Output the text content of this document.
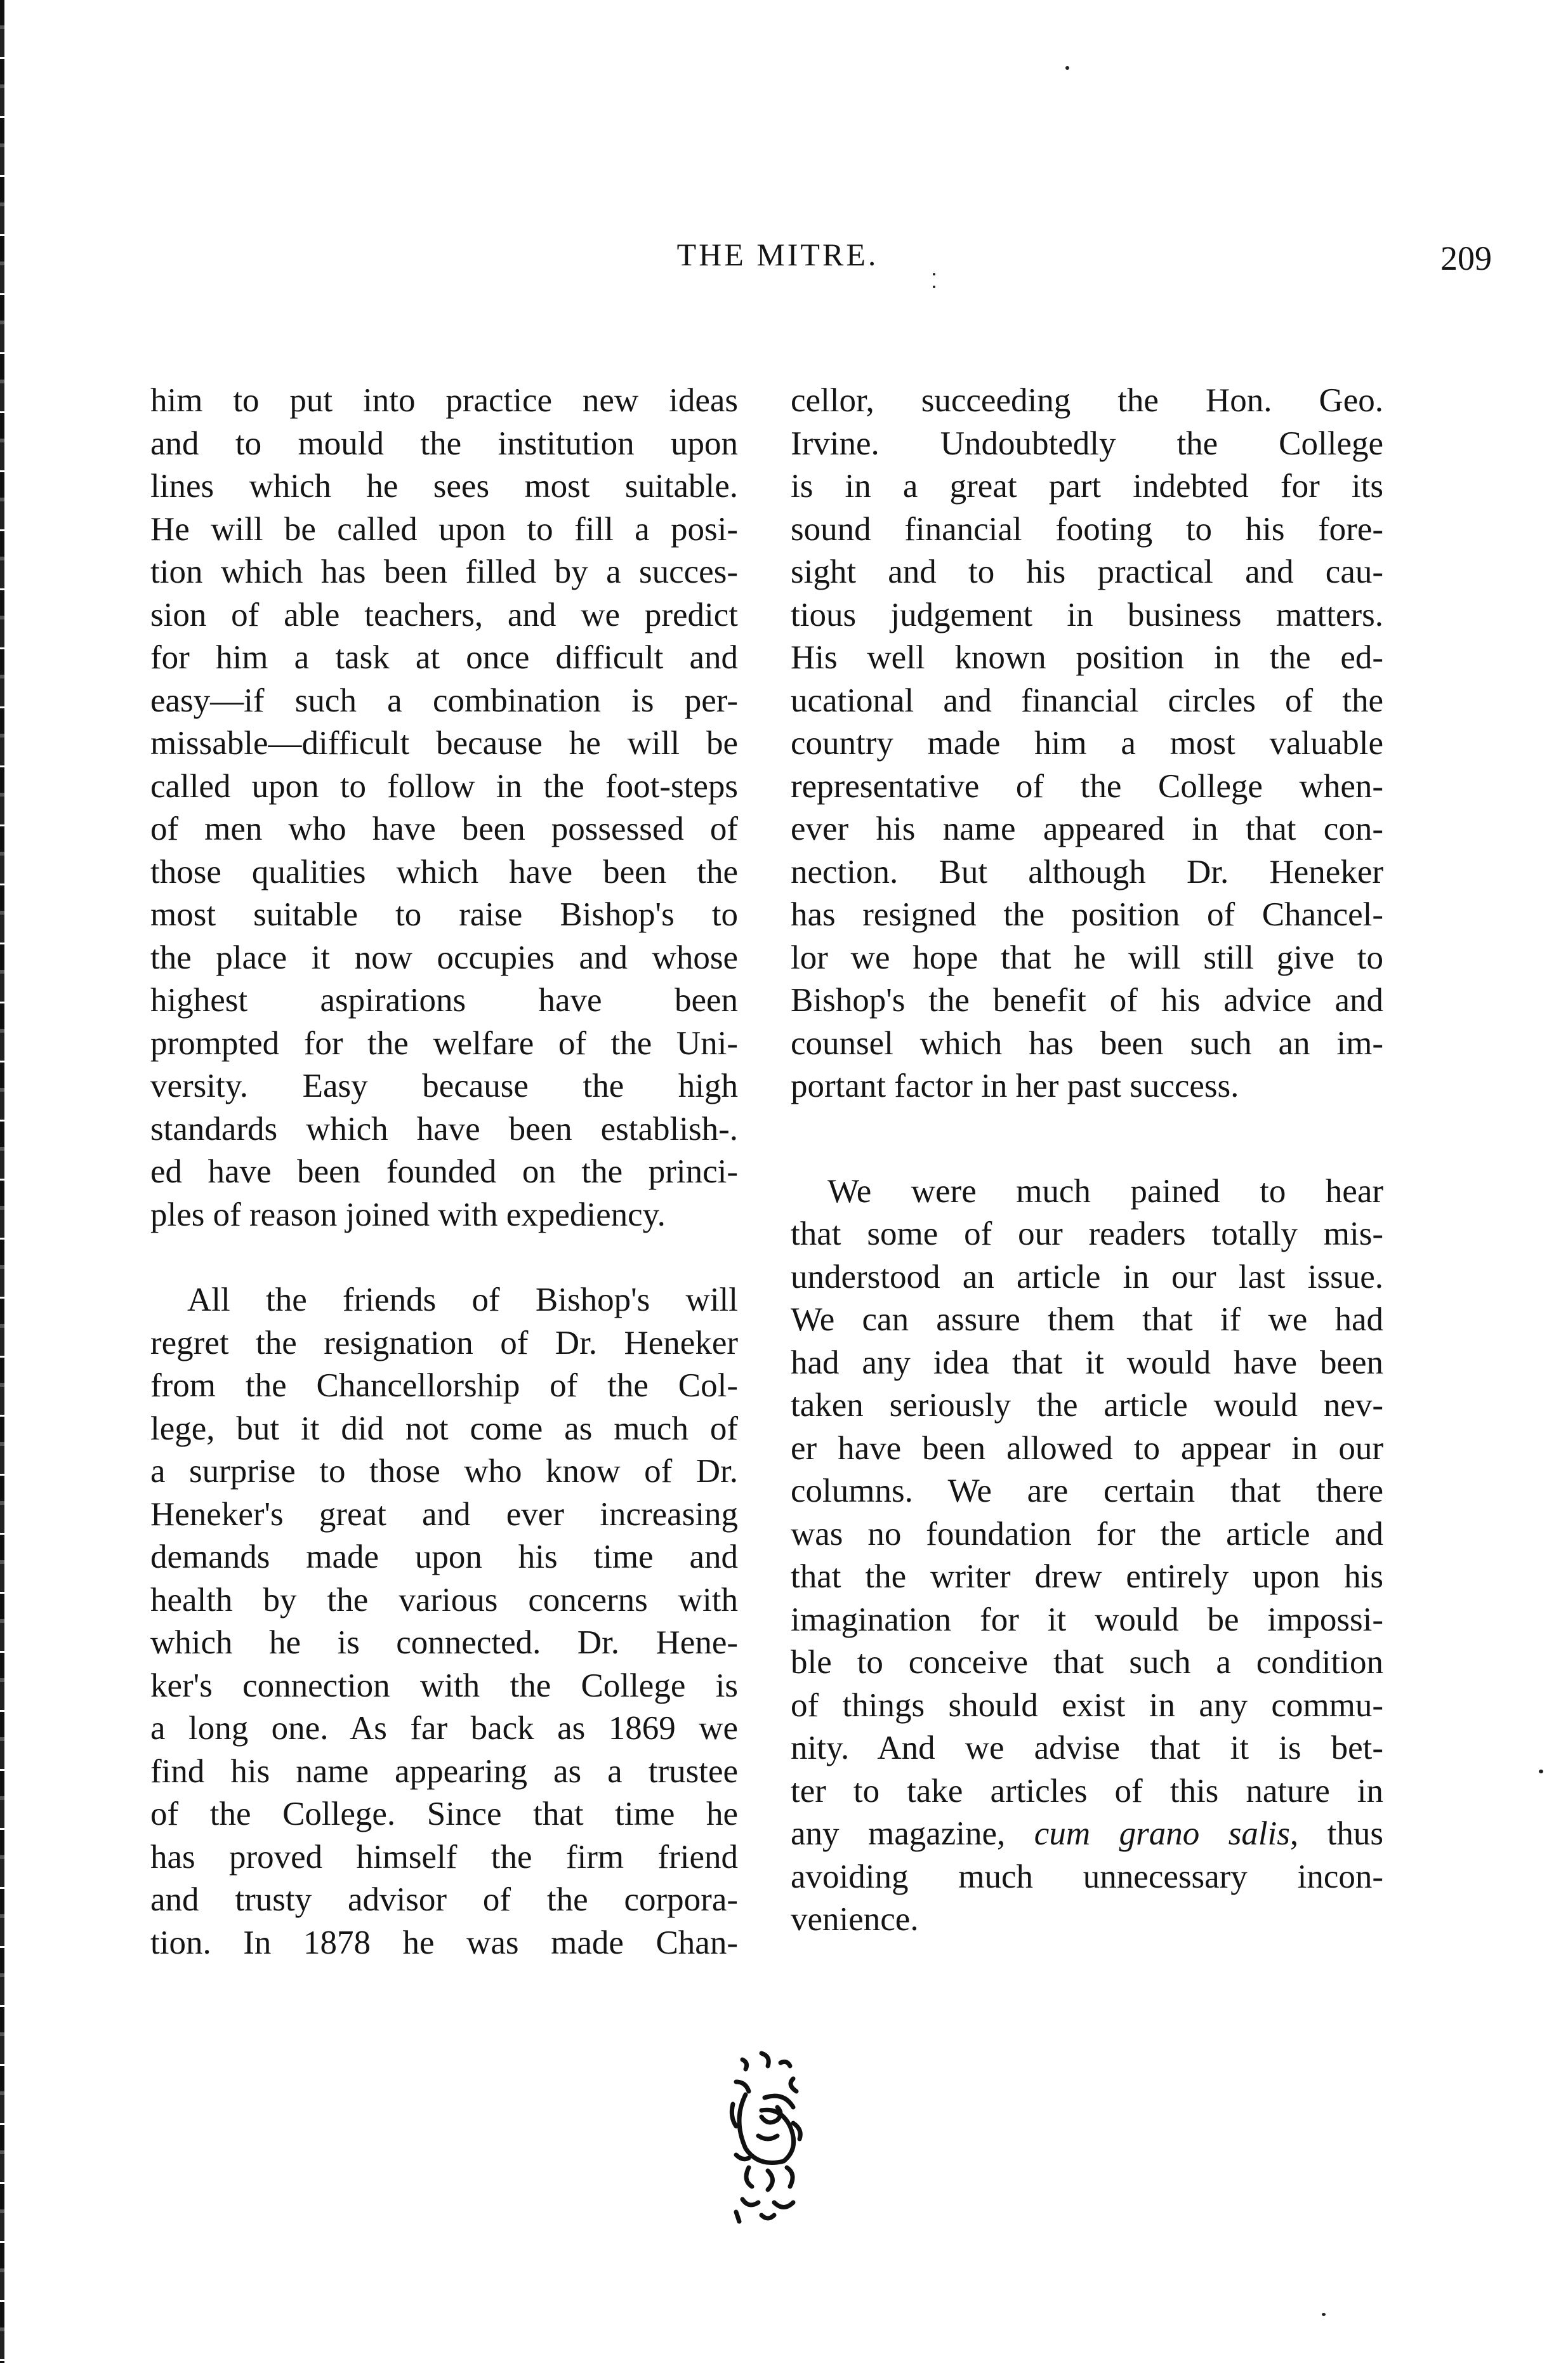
THE MITRE.	209
him to put into practice new ideas
and to mould the institution upon
lines which he sees most suitable.
He will be called upon to fill a posi-
tion which has been filled by a succes-
sion of able teachers, and we predict
for him a task at once difficult and
easy—if such a combination is per-
missable—difficult because he will be
called upon to follow in the foot-steps
of men who have been possessed of
those qualities which have been the
most suitable to raise Bishop's to
the place it now occupies and whose
highest aspirations have been
prompted for the welfare of the Uni-
versity. Easy because the high
standards which have been establish-.
ed have been founded on the princi-
ples of reason joined with expediency.
All the friends of Bishop's will
regret the resignation of Dr. Heneker
from the Chancellorship of the Col-
lege, but it did not come as much of
a surprise to those who know of Dr.
Heneker's great and ever increasing
demands made upon his time and
health by the various concerns with
which he is connected. Dr. Hene-
ker's connection with the College is
a long one. As far back as 1869 we
find his name appearing as a trustee
of the College. Since that time he
has proved himself the firm friend
and trusty advisor of the corpora-
tion. In 1878 he was made Chan-
cellor, succeeding the Hon. Geo.
Irvine. Undoubtedly the College
is in a great part indebted for its
sound financial footing to his fore-
sight and to his practical and cau-
tious judgement in business matters.
His well known position in the ed-
ucational and financial circles of the
country made him a most valuable
representative of the College when-
ever his name appeared in that con-
nection. But although Dr. Heneker
has resigned the position of Chancel-
lor we hope that he will still give to
Bishop's the benefit of his advice and
counsel which has been such an im-
portant factor in her past success.
We were much pained to hear
that some of our readers totally mis-
understood an article in our last issue.
We can assure them that if we had
had any idea that it would have been
taken seriously the article would nev-
er have been allowed to appear in our
columns. We are certain that there
was no foundation for the article and
that the writer drew entirely upon his
imagination for it would be impossi-
ble to conceive that such a condition
of things should exist in any commu-
nity. And we advise that it is bet-
ter to take articles of this nature in
any magazine, cum grano salis, thus
avoiding much unnecessary incon-
venience.
